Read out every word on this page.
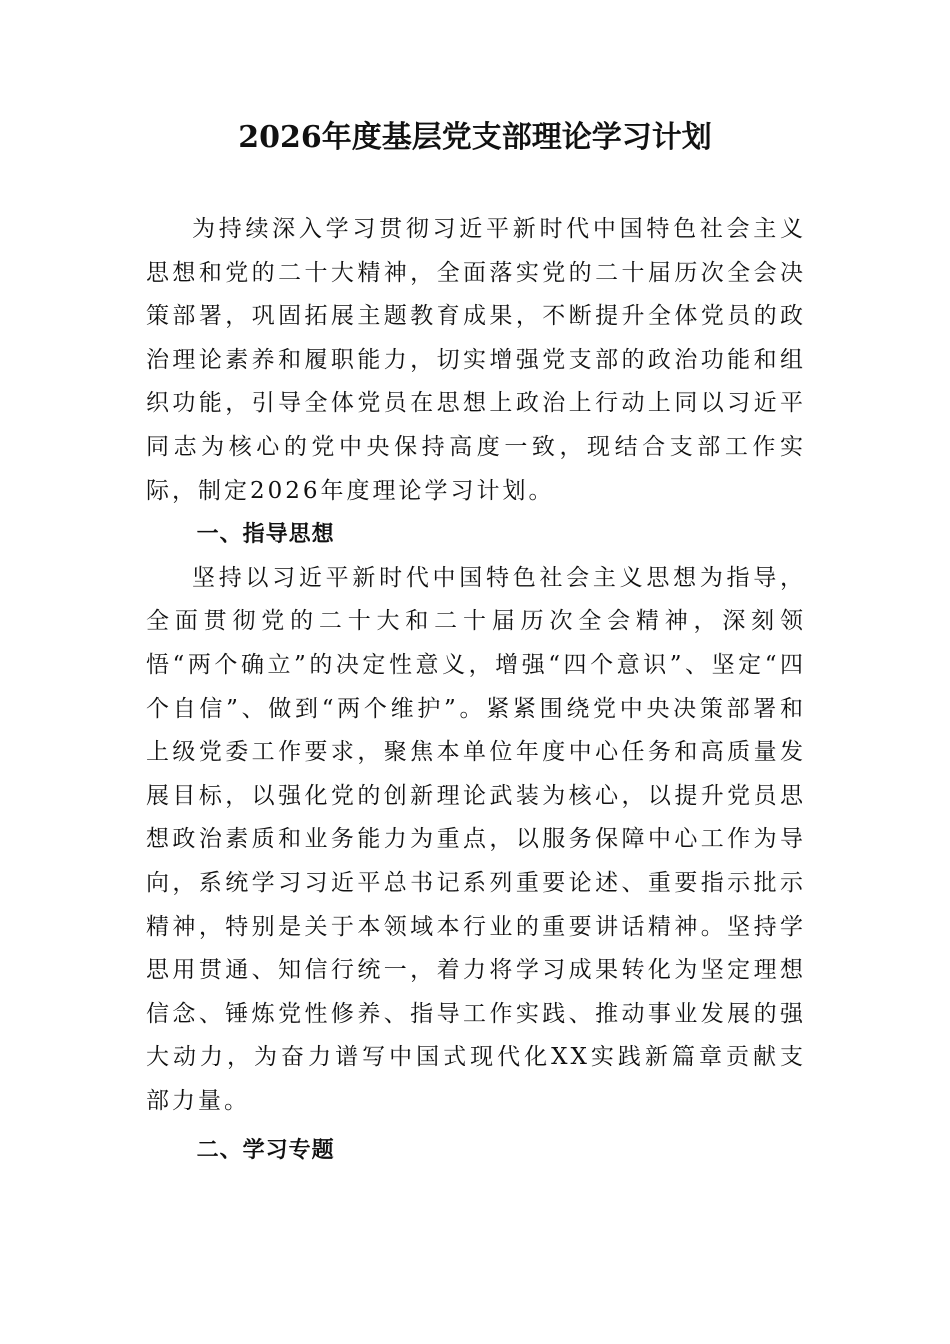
2026年度基层党支部理论学习计划

为持续深入学习贯彻习近平新时代中国特色社会主义思想和党的二十大精神，全面落实党的二十届历次全会决策部署，巩固拓展主题教育成果，不断提升全体党员的政治理论素养和履职能力，切实增强党支部的政治功能和组织功能，引导全体党员在思想上政治上行动上同以习近平同志为核心的党中央保持高度一致，现结合支部工作实际，制定2026年度理论学习计划。

一、指导思想

坚持以习近平新时代中国特色社会主义思想为指导，全面贯彻党的二十大和二十届历次全会精神，深刻领悟“两个确立”的决定性意义，增强“四个意识”、坚定“四个自信”、做到“两个维护”。紧紧围绕党中央决策部署和上级党委工作要求，聚焦本单位年度中心任务和高质量发展目标，以强化党的创新理论武装为核心，以提升党员思想政治素质和业务能力为重点，以服务保障中心工作为导向，系统学习习近平总书记系列重要论述、重要指示批示精神，特别是关于本领域本行业的重要讲话精神。坚持学思用贯通、知信行统一，着力将学习成果转化为坚定理想信念、锤炼党性修养、指导工作实践、推动事业发展的强大动力，为奋力谱写中国式现代化XX实践新篇章贡献支部力量。

二、学习专题
